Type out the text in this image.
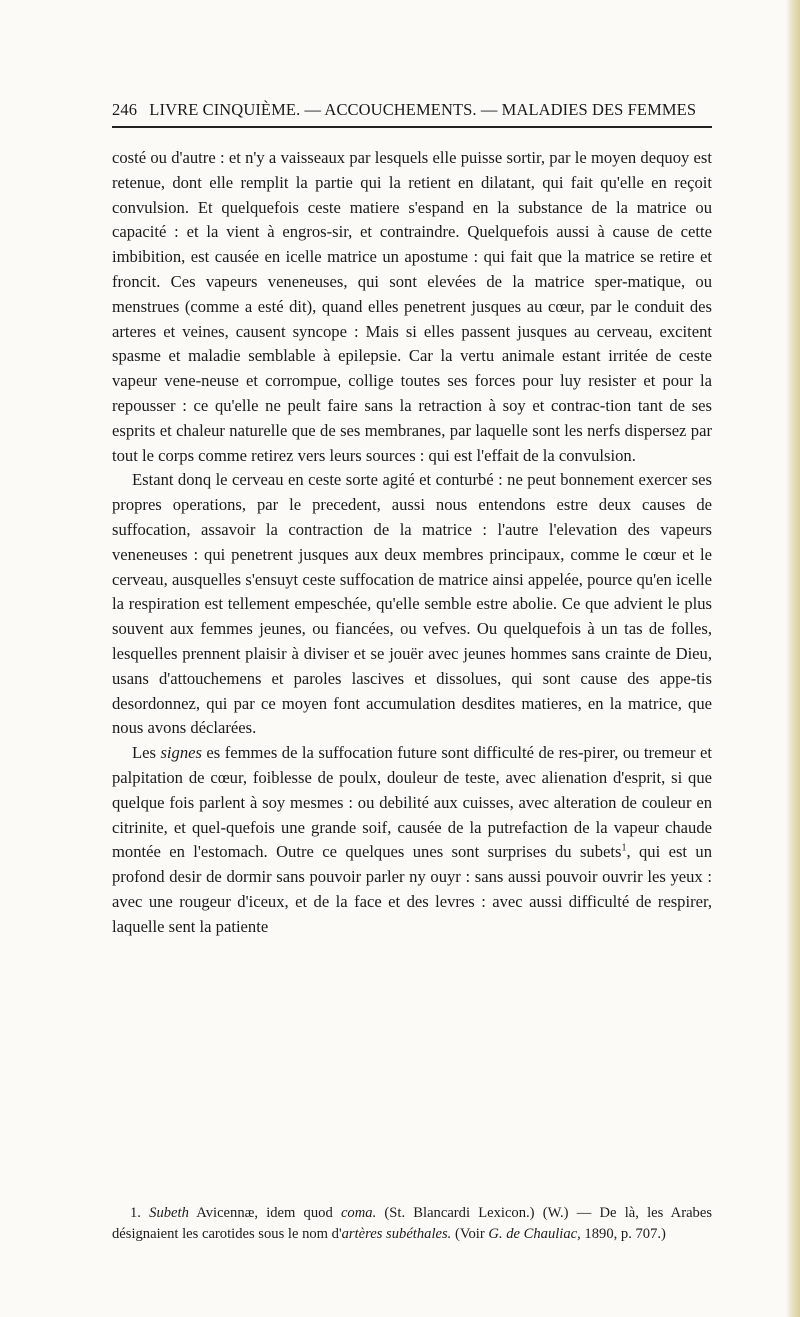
246 LIVRE CINQUIÈME. — ACCOUCHEMENTS. — MALADIES DES FEMMES

costé ou d'autre : et n'y a vaisseaux par lesquels elle puisse sortir, par le moyen dequoy est retenue, dont elle remplit la partie qui la retient en dilatant, qui fait qu'elle en reçoit convulsion. Et quelquefois ceste matiere s'espand en la substance de la matrice ou capacité : et la vient à engros-sir, et contraindre. Quelquefois aussi à cause de cette imbibition, est causée en icelle matrice un apostume : qui fait que la matrice se retire et froncit. Ces vapeurs veneneuses, qui sont elevées de la matrice sper-matique, ou menstrues (comme a esté dit), quand elles penetrent jusques au cœur, par le conduit des arteres et veines, causent syncope : Mais si elles passent jusques au cerveau, excitent spasme et maladie semblable à epilepsie. Car la vertu animale estant irritée de ceste vapeur vene-neuse et corrompue, collige toutes ses forces pour luy resister et pour la repousser : ce qu'elle ne peult faire sans la retraction à soy et contrac-tion tant de ses esprits et chaleur naturelle que de ses membranes, par laquelle sont les nerfs dispersez par tout le corps comme retirez vers leurs sources : qui est l'effait de la convulsion.

Estant donq le cerveau en ceste sorte agité et conturbé : ne peut bonnement exercer ses propres operations, par le precedent, aussi nous entendons estre deux causes de suffocation, assavoir la contraction de la matrice : l'autre l'elevation des vapeurs veneneuses : qui penetrent jusques aux deux membres principaux, comme le cœur et le cerveau, ausquelles s'ensuyt ceste suffocation de matrice ainsi appelée, pource qu'en icelle la respiration est tellement empeschée, qu'elle semble estre abolie. Ce que advient le plus souvent aux femmes jeunes, ou fiancées, ou vefves. Ou quelquefois à un tas de folles, lesquelles prennent plaisir à diviser et se jouër avec jeunes hommes sans crainte de Dieu, usans d'attouchemens et paroles lascives et dissolues, qui sont cause des appe-tis desordonnez, qui par ce moyen font accumulation desdites matieres, en la matrice, que nous avons déclarées.

Les signes es femmes de la suffocation future sont difficulté de res-pirer, ou tremeur et palpitation de cœur, foiblesse de poulx, douleur de teste, avec alienation d'esprit, si que quelque fois parlent à soy mesmes : ou debilité aux cuisses, avec alteration de couleur en citrinite, et quel-quefois une grande soif, causée de la putrefaction de la vapeur chaude montée en l'estomach. Outre ce quelques unes sont surprises du subets$^1$, qui est un profond desir de dormir sans pouvoir parler ny ouyr : sans aussi pouvoir ouvrir les yeux : avec une rougeur d'iceux, et de la face et des levres : avec aussi difficulté de respirer, laquelle sent la patiente

1. Subeth Avicennæ, idem quod coma. (St. Blancardi Lexicon.) (W.) — De là, les Arabes désignaient les carotides sous le nom d'artères subéthales. (Voir G. de Chauliac, 1890, p. 707.)
